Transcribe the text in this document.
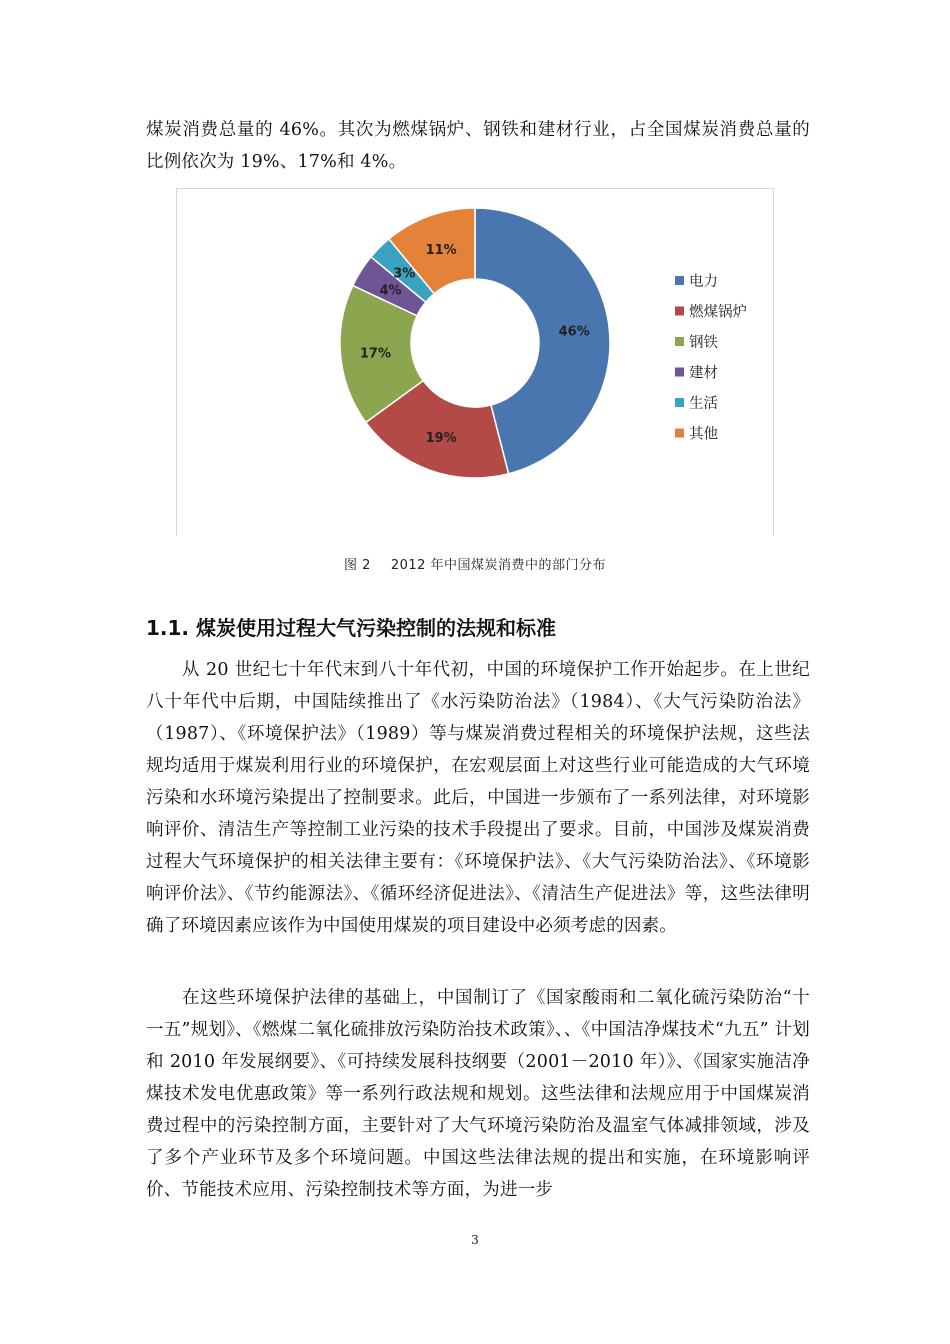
煤炭消费总量的 46%。其次为燃煤锅炉、钢铁和建材行业，占全国煤炭消费总量的比例依次为 19%、17%和 4%。

46%
19%
17%
4%
3%
11%
电力
燃煤锅炉
钢铁
建材
生活
其他
图 2 2012 年中国煤炭消费中的部门分布
1.1. 煤炭使用过程大气污染控制的法规和标准

从 20 世纪七十年代末到八十年代初，中国的环境保护工作开始起步。在上世纪八十年代中后期，中国陆续推出了《水污染防治法》（1984）、《大气污染防治法》（1987）、《环境保护法》（1989）等与煤炭消费过程相关的环境保护法规，这些法规均适用于煤炭利用行业的环境保护，在宏观层面上对这些行业可能造成的大气环境污染和水环境污染提出了控制要求。此后，中国进一步颁布了一系列法律，对环境影响评价、清洁生产等控制工业污染的技术手段提出了要求。目前，中国涉及煤炭消费过程大气环境保护的相关法律主要有：《环境保护法》、《大气污染防治法》、《环境影响评价法》、《节约能源法》、《循环经济促进法》、《清洁生产促进法》等，这些法律明确了环境因素应该作为中国使用煤炭的项目建设中必须考虑的因素。

在这些环境保护法律的基础上，中国制订了《国家酸雨和二氧化硫污染防治“十一五”规划》、《燃煤二氧化硫排放污染防治技术政策》、、《中国洁净煤技术“九五” 计划和 2010 年发展纲要》、《可持续发展科技纲要（2001－2010 年）》、《国家实施洁净煤技术发电优惠政策》等一系列行政法规和规划。这些法律和法规应用于中国煤炭消费过程中的污染控制方面，主要针对了大气环境污染防治及温室气体减排领域，涉及了多个产业环节及多个环境问题。中国这些法律法规的提出和实施，在环境影响评价、节能技术应用、污染控制技术等方面，为进一步

3
